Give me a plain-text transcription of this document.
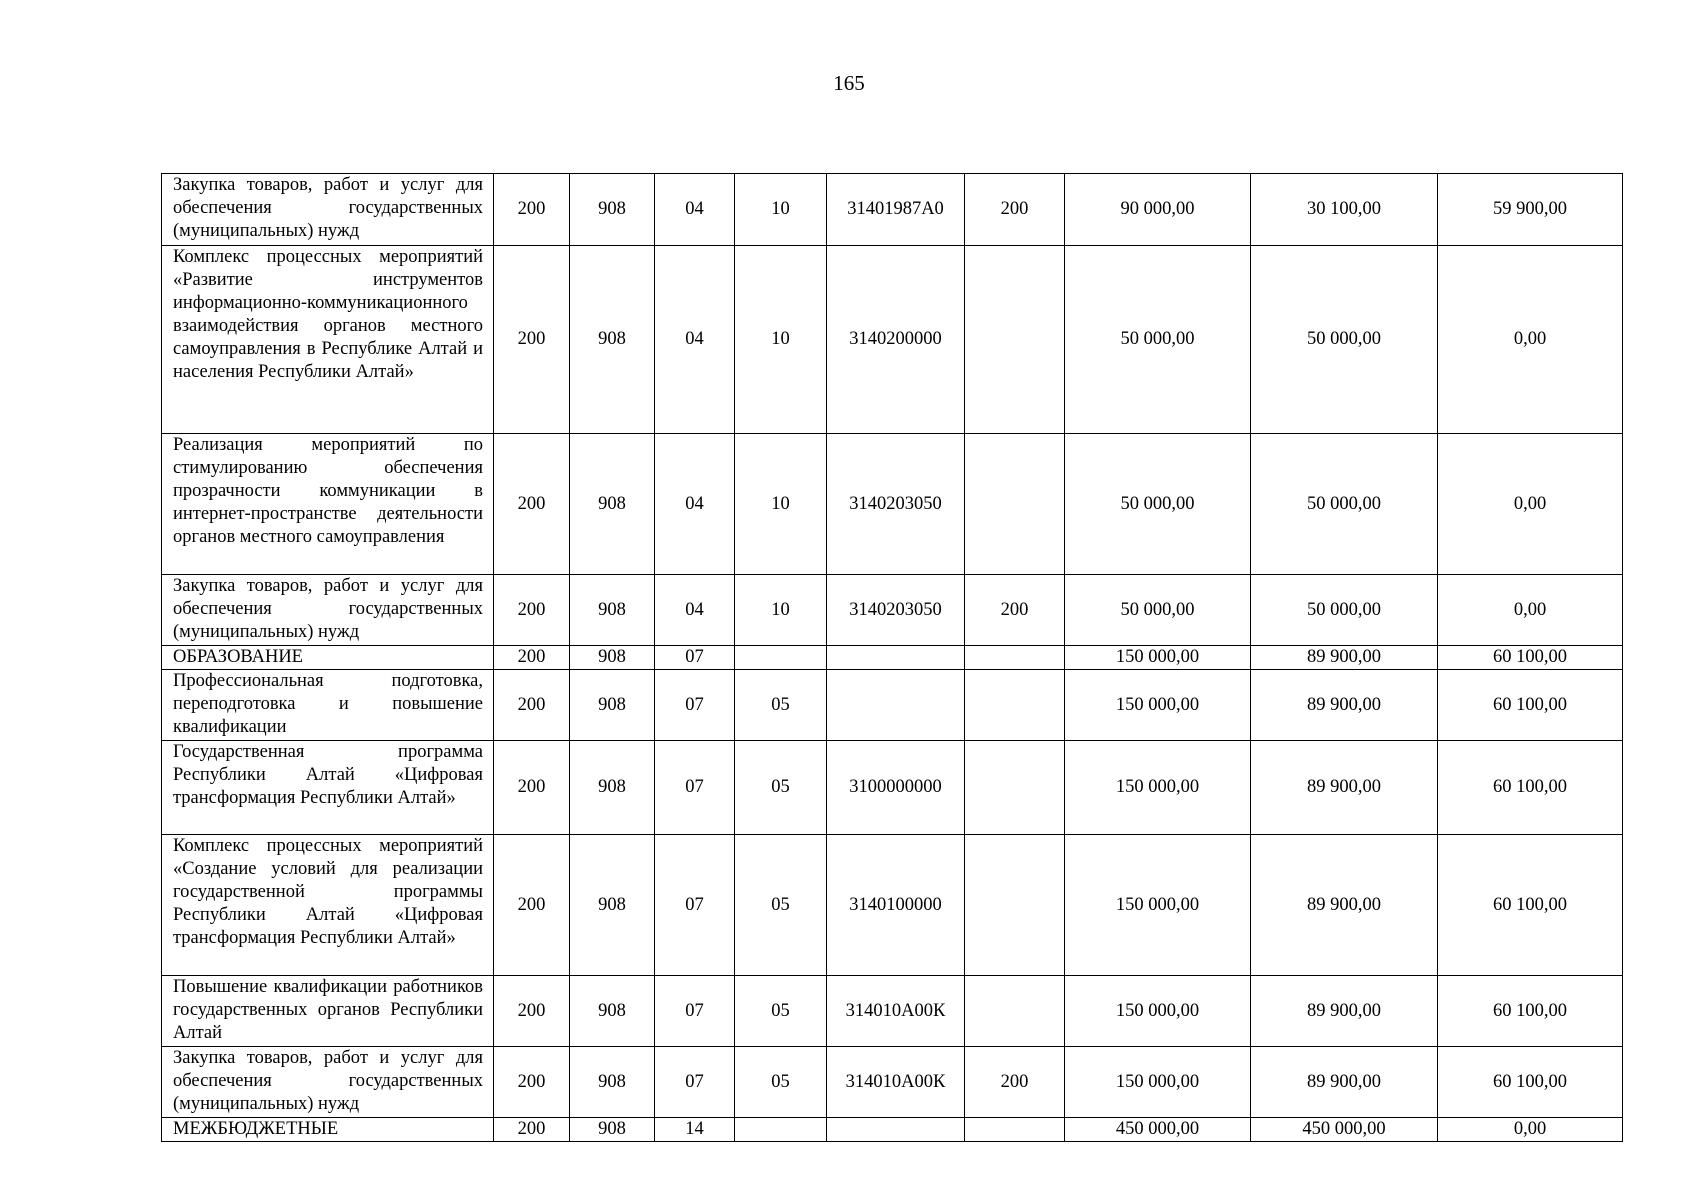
165
Закупка товаров, работ и услуг для обеспечения государственных (муниципальных) нужд	200	908	04	10	31401987А0	200	90 000,00	30 100,00	59 900,00
Комплекс процессных мероприятий «Развитие инструментов информационно-коммуникационного взаимодействия органов местного самоуправления в Республике Алтай и населения Республики Алтай»	200	908	04	10	3140200000		50 000,00	50 000,00	0,00
Реализация мероприятий по стимулированию обеспечения прозрачности коммуникации в интернет-пространстве деятельности органов местного самоуправления	200	908	04	10	3140203050		50 000,00	50 000,00	0,00
Закупка товаров, работ и услуг для обеспечения государственных (муниципальных) нужд	200	908	04	10	3140203050	200	50 000,00	50 000,00	0,00
ОБРАЗОВАНИЕ	200	908	07				150 000,00	89 900,00	60 100,00
Профессиональная подготовка, переподготовка и повышение квалификации	200	908	07	05			150 000,00	89 900,00	60 100,00
Государственная программа Республики Алтай «Цифровая трансформация Республики Алтай»	200	908	07	05	3100000000		150 000,00	89 900,00	60 100,00
Комплекс процессных мероприятий «Создание условий для реализации государственной программы Республики Алтай «Цифровая трансформация Республики Алтай»	200	908	07	05	3140100000		150 000,00	89 900,00	60 100,00
Повышение квалификации работников государственных органов Республики Алтай	200	908	07	05	314010А00К		150 000,00	89 900,00	60 100,00
Закупка товаров, работ и услуг для обеспечения государственных (муниципальных) нужд	200	908	07	05	314010А00К	200	150 000,00	89 900,00	60 100,00
МЕЖБЮДЖЕТНЫЕ	200	908	14				450 000,00	450 000,00	0,00
